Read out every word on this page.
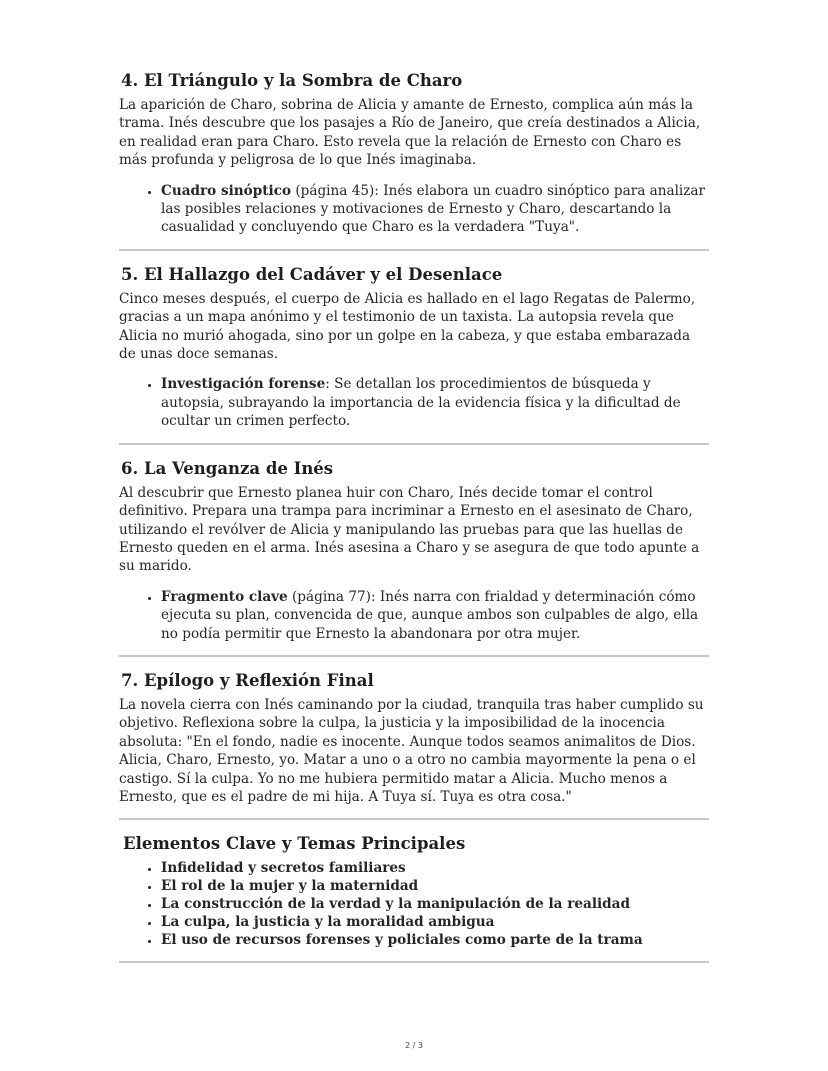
4. El Triángulo y la Sombra de Charo

La aparición de Charo, sobrina de Alicia y amante de Ernesto, complica aún más la trama. Inés descubre que los pasajes a Río de Janeiro, que creía destinados a Alicia, en realidad eran para Charo. Esto revela que la relación de Ernesto con Charo es más profunda y peligrosa de lo que Inés imaginaba.

• Cuadro sinóptico (página 45): Inés elabora un cuadro sinóptico para analizar las posibles relaciones y motivaciones de Ernesto y Charo, descartando la casualidad y concluyendo que Charo es la verdadera "Tuya".
5. El Hallazgo del Cadáver y el Desenlace

Cinco meses después, el cuerpo de Alicia es hallado en el lago Regatas de Palermo, gracias a un mapa anónimo y el testimonio de un taxista. La autopsia revela que Alicia no murió ahogada, sino por un golpe en la cabeza, y que estaba embarazada de unas doce semanas.

• Investigación forense: Se detallan los procedimientos de búsqueda y autopsia, subrayando la importancia de la evidencia física y la dificultad de ocultar un crimen perfecto.
6. La Venganza de Inés

Al descubrir que Ernesto planea huir con Charo, Inés decide tomar el control definitivo. Prepara una trampa para incriminar a Ernesto en el asesinato de Charo, utilizando el revólver de Alicia y manipulando las pruebas para que las huellas de Ernesto queden en el arma. Inés asesina a Charo y se asegura de que todo apunte a su marido.

• Fragmento clave (página 77): Inés narra con frialdad y determinación cómo ejecuta su plan, convencida de que, aunque ambos son culpables de algo, ella no podía permitir que Ernesto la abandonara por otra mujer.
7. Epílogo y Reflexión Final

La novela cierra con Inés caminando por la ciudad, tranquila tras haber cumplido su objetivo. Reflexiona sobre la culpa, la justicia y la imposibilidad de la inocencia absoluta: "En el fondo, nadie es inocente. Aunque todos seamos animalitos de Dios. Alicia, Charo, Ernesto, yo. Matar a uno o a otro no cambia mayormente la pena o el castigo. Sí la culpa. Yo no me hubiera permitido matar a Alicia. Mucho menos a Ernesto, que es el padre de mi hija. A Tuya sí. Tuya es otra cosa."

Elementos Clave y Temas Principales
• Infidelidad y secretos familiares
• El rol de la mujer y la maternidad
• La construcción de la verdad y la manipulación de la realidad
• La culpa, la justicia y la moralidad ambigua
• El uso de recursos forenses y policiales como parte de la trama
2 / 3
